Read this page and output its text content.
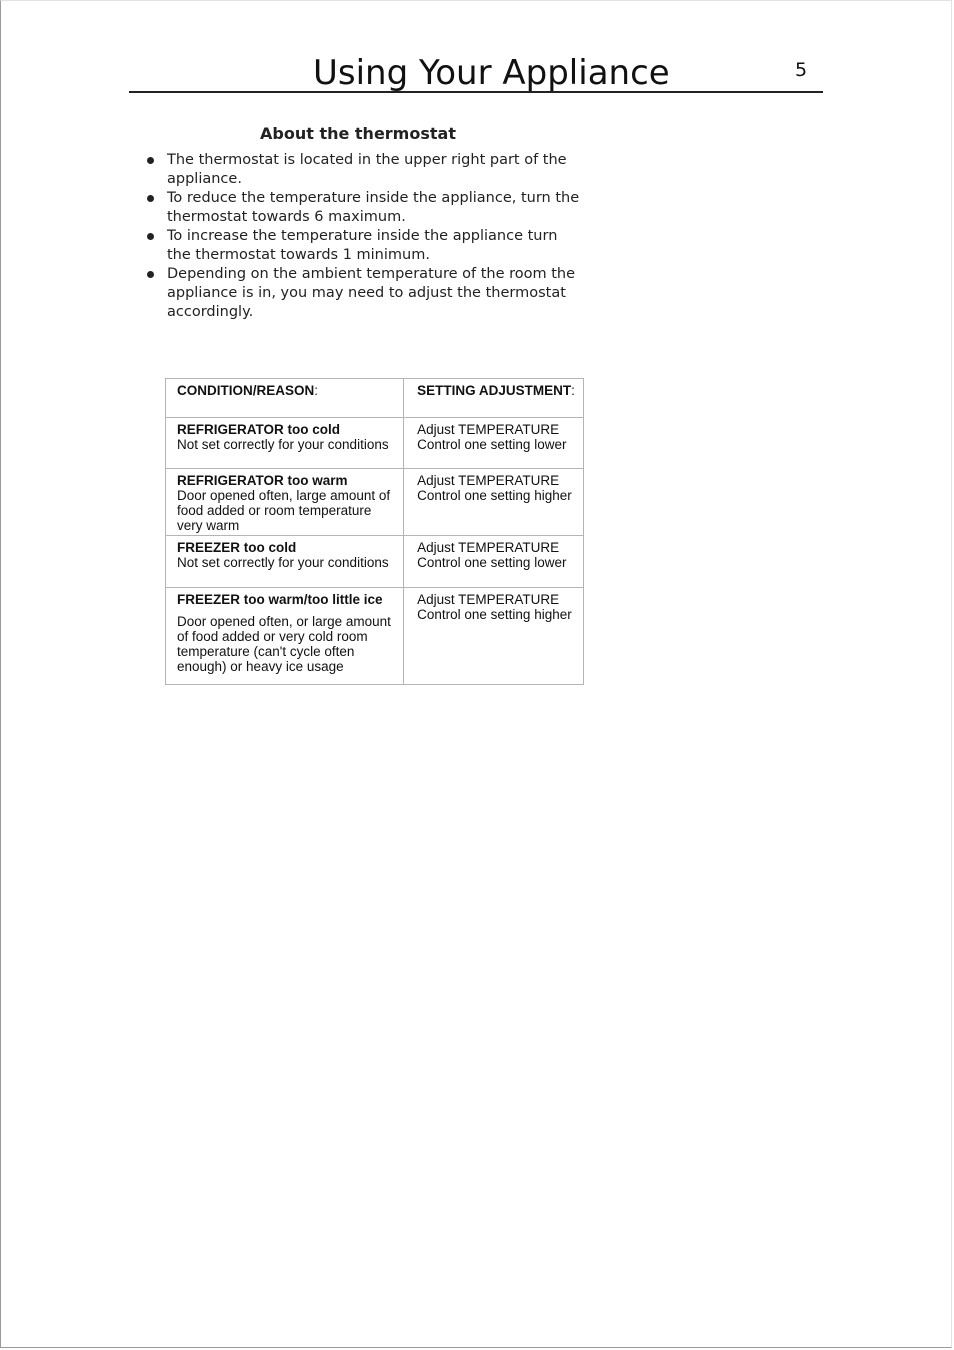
Using Your Appliance	5
About the thermostat
The thermostat is located in the upper right part of the appliance.
To reduce the temperature inside the appliance, turn the thermostat towards 6 maximum.
To increase the temperature inside the appliance turn the thermostat towards 1 minimum.
Depending on the ambient temperature of the room the appliance is in, you may need to adjust the thermostat accordingly.
CONDITION/REASON:	SETTING ADJUSTMENT:
REFRIGERATOR too cold
Not set correctly for your conditions	Adjust TEMPERATURE Control one setting lower
REFRIGERATOR too warm
Door opened often, large amount of food added or room temperature very warm	Adjust TEMPERATURE Control one setting higher
FREEZER too cold
Not set correctly for your conditions	Adjust TEMPERATURE Control one setting lower
FREEZER too warm/too little ice
Door opened often, or large amount of food added or very cold room temperature (can't cycle often enough) or heavy ice usage	Adjust TEMPERATURE Control one setting higher
